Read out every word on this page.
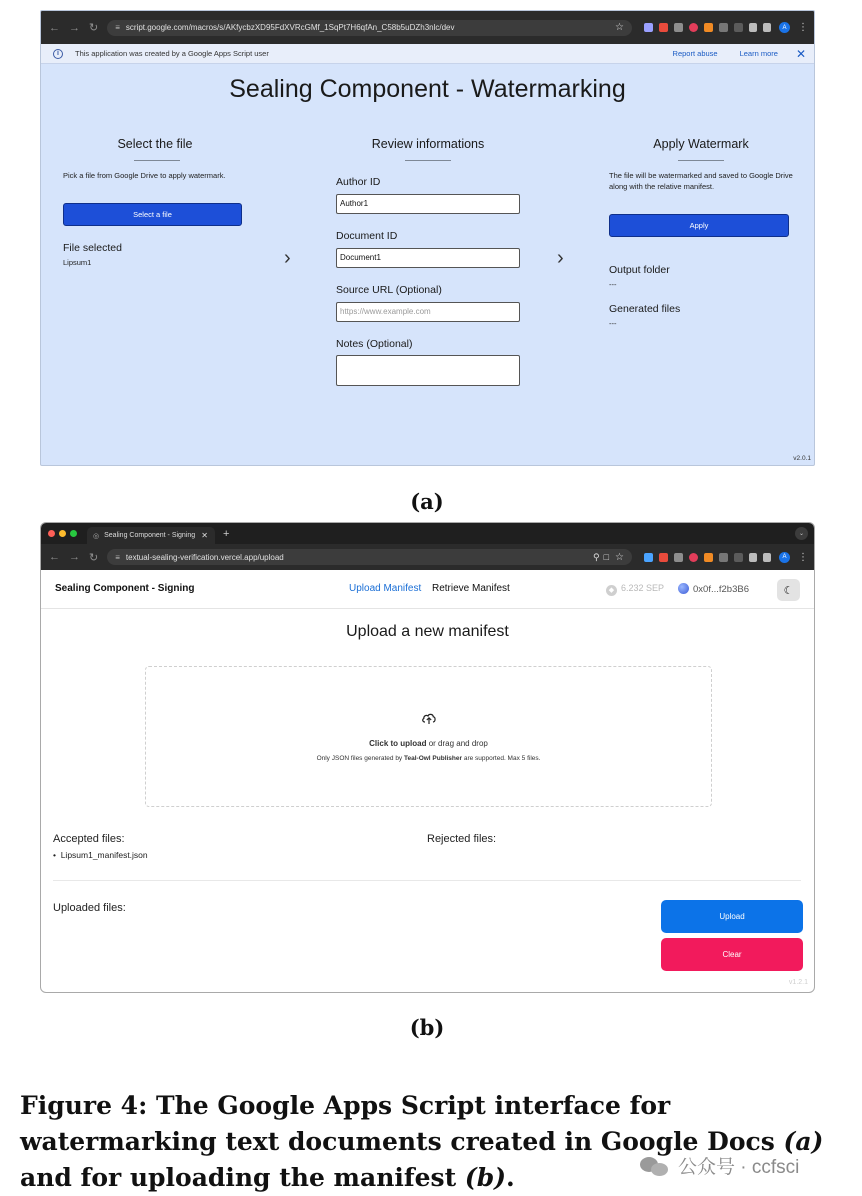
← → ↻ ≡ script.google.com/macros/s/AKfycbzXD95FdXVRcGMf_1SqPt7H6qfAn_C58b5uDZh3nlc/dev	☆	A	⋮
i	This application was created by a Google Apps Script user	Report abuse	Learn more ✕
Sealing Component - Watermarking
Select the file
Pick a file from Google Drive to apply watermark.
Select a file
File selected
Lipsum1	›
Review informations
Author ID
Author1
Document ID
Document1
Source URL (Optional)
https://www.example.com
Notes (Optional)
›
Apply Watermark
The file will be watermarked and saved to Google Drive along with the relative manifest.
Apply
Output folder
---
Generated files
---
v2.0.1
(a)
◎ Sealing Component - Signing ✕ +	⌄
← → ↻ ≡ textual-sealing-verification.vercel.app/upload	⚲ □ ☆	A	⋮
Sealing Component - Signing	Upload Manifest Retrieve Manifest	◆ 6.232 SEP	0x0f...f2b3B6	☾
Upload a new manifest
Click to upload or drag and drop
Only JSON files generated by Teal-Owl Publisher are supported. Max 5 files.
Accepted files:
•  Lipsum1_manifest.json
Rejected files:
Uploaded files:
Upload
Clear
v1.2.1
(b)
Figure 4: The Google Apps Script interface for watermarking text documents created in Google Docs (a) and for uploading the manifest (b).	公众号 · ccfsci
